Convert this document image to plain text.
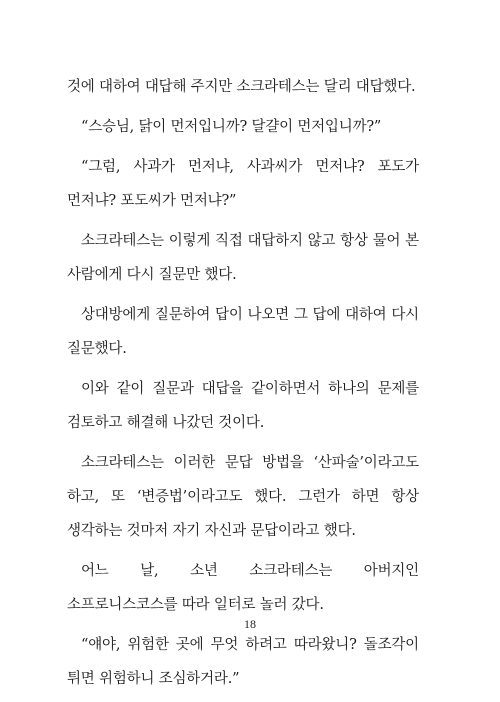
것에 대하여 대답해 주지만 소크라테스는 달리 대답했다.

“스승님, 닭이 먼저입니까? 달걀이 먼저입니까?”

“그럼, 사과가 먼저냐, 사과씨가 먼저냐? 포도가 먼저냐? 포도씨가 먼저냐?”

소크라테스는 이렇게 직접 대답하지 않고 항상 물어 본 사람에게 다시 질문만 했다.

상대방에게 질문하여 답이 나오면 그 답에 대하여 다시 질문했다.

이와 같이 질문과 대답을 같이하면서 하나의 문제를 검토하고 해결해 나갔던 것이다.

소크라테스는 이러한 문답 방법을 ‘산파술’이라고도 하고, 또 ‘변증법’이라고도 했다. 그런가 하면 항상 생각하는 것마저 자기 자신과 문답이라고 했다.

어느 날, 소년 소크라테스는 아버지인 소프로니스코스를 따라 일터로 놀러 갔다.

“얘야, 위험한 곳에 무엇 하려고 따라왔니? 돌조각이 튀면 위험하니 조심하거라.”

18
